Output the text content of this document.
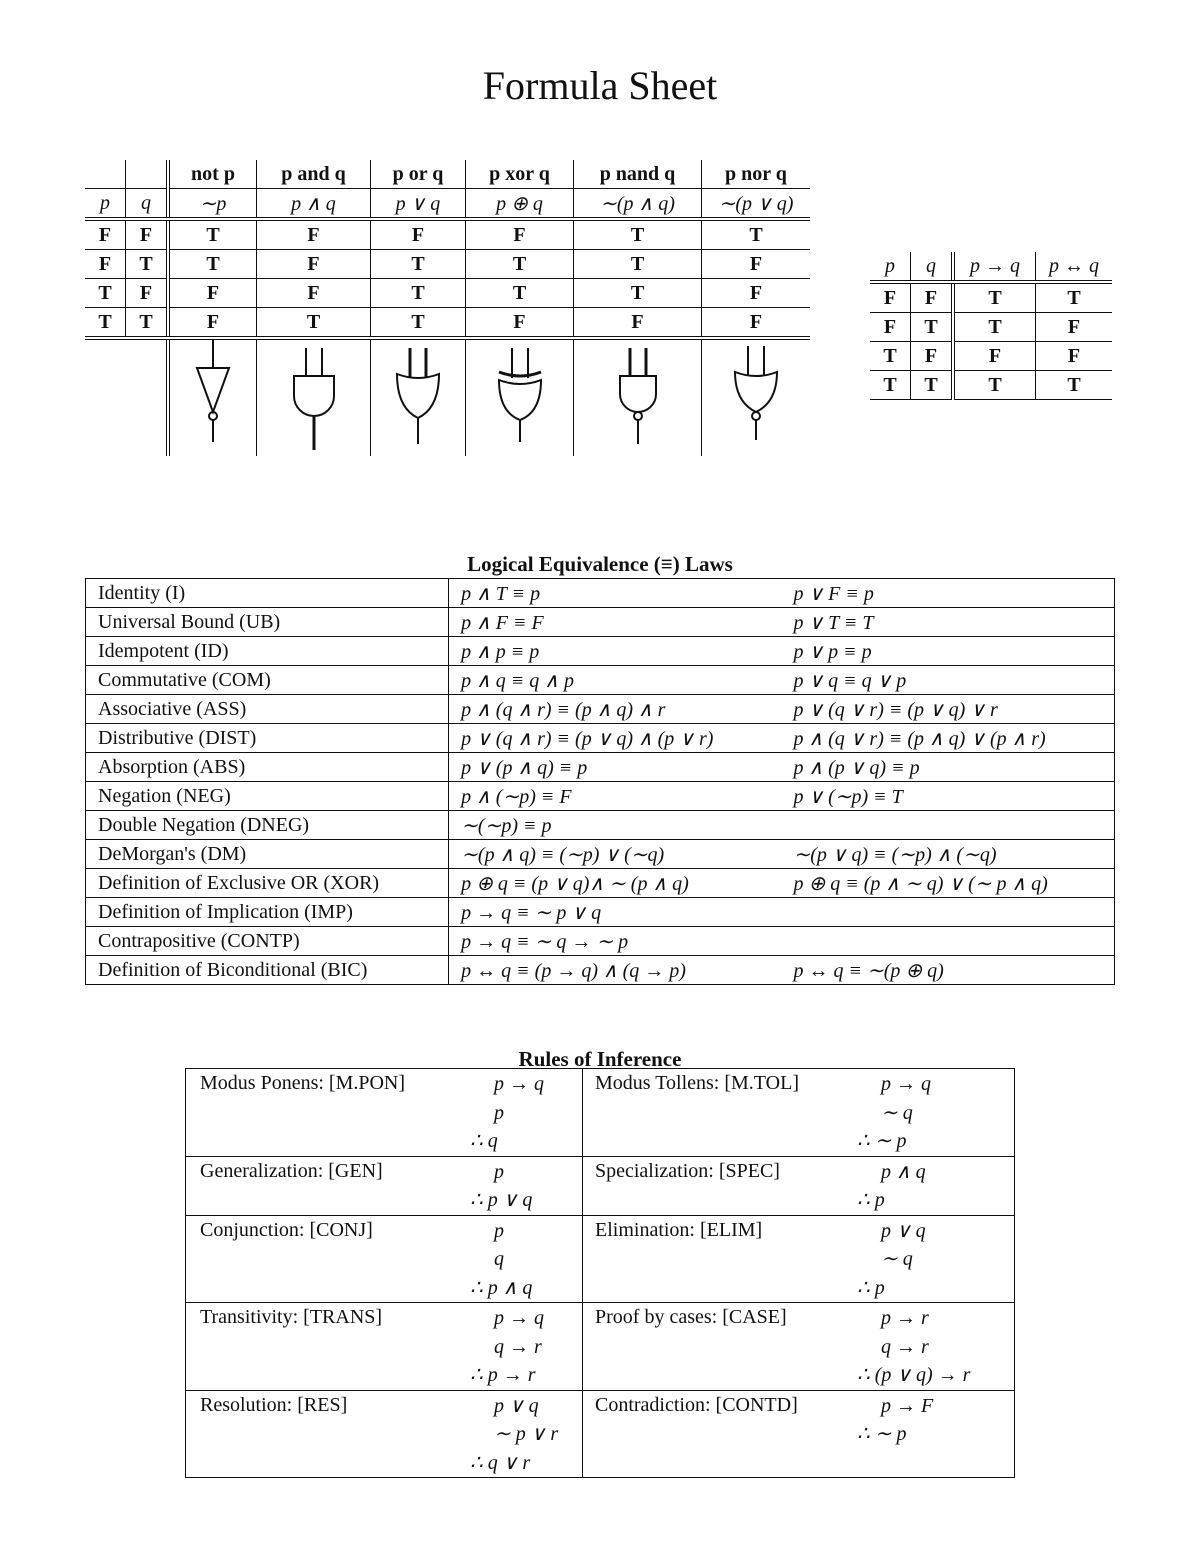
Formula Sheet
		not p	p and q	p or q	p xor q	p nand q	p nor q
p	q	∼p	p ∧ q	p ∨ q	p ⊕ q	∼(p ∧ q)	∼(p ∨ q)
F	F	T	F	F	F	T	T
F	T	T	F	T	T	T	F
T	F	F	F	T	T	T	F
T	T	F	T	T	F	F	F

p	q	p → q	p ↔ q
F	F	T	T
F	T	T	F
T	F	F	F
T	T	T	T
Logical Equivalence (≡) Laws
Identity (I)	p ∧ T ≡ p	p ∨ F ≡ p
Universal Bound (UB)	p ∧ F ≡ F	p ∨ T ≡ T
Idempotent (ID)	p ∧ p ≡ p	p ∨ p ≡ p
Commutative (COM)	p ∧ q ≡ q ∧ p	p ∨ q ≡ q ∨ p
Associative (ASS)	p ∧ (q ∧ r) ≡ (p ∧ q) ∧ r	p ∨ (q ∨ r) ≡ (p ∨ q) ∨ r
Distributive (DIST)	p ∨ (q ∧ r) ≡ (p ∨ q) ∧ (p ∨ r)	p ∧ (q ∨ r) ≡ (p ∧ q) ∨ (p ∧ r)
Absorption (ABS)	p ∨ (p ∧ q) ≡ p	p ∧ (p ∨ q) ≡ p
Negation (NEG)	p ∧ (∼p) ≡ F	p ∨ (∼p) ≡ T
Double Negation (DNEG)	∼(∼p) ≡ p	
DeMorgan's (DM)	∼(p ∧ q) ≡ (∼p) ∨ (∼q)	∼(p ∨ q) ≡ (∼p) ∧ (∼q)
Definition of Exclusive OR (XOR)	p ⊕ q ≡ (p ∨ q)∧ ∼ (p ∧ q)	p ⊕ q ≡ (p ∧ ∼ q) ∨ (∼ p ∧ q)
Definition of Implication (IMP)	p → q ≡ ∼ p ∨ q	
Contrapositive (CONTP)	p → q ≡ ∼ q → ∼ p	
Definition of Biconditional (BIC)	p ↔ q ≡ (p → q) ∧ (q → p)	p ↔ q ≡ ∼(p ⊕ q)
Rules of Inference
Modus Ponens: [M.PON]	p → q
p
∴ q	Modus Tollens: [M.TOL]	p → q
∼ q
∴ ∼ p

Generalization: [GEN]	p
∴ p ∨ q	Specialization: [SPEC]	p ∧ q
∴ p

Conjunction: [CONJ]	p
q
∴ p ∧ q	Elimination: [ELIM]	p ∨ q
∼ q
∴ p

Transitivity: [TRANS]	p → q
q → r
∴ p → r	Proof by cases: [CASE]	p → r
q → r
∴ (p ∨ q) → r

Resolution: [RES]	p ∨ q
∼ p ∨ r
∴ q ∨ r	Contradiction: [CONTD]	p → F
∴ ∼ p
